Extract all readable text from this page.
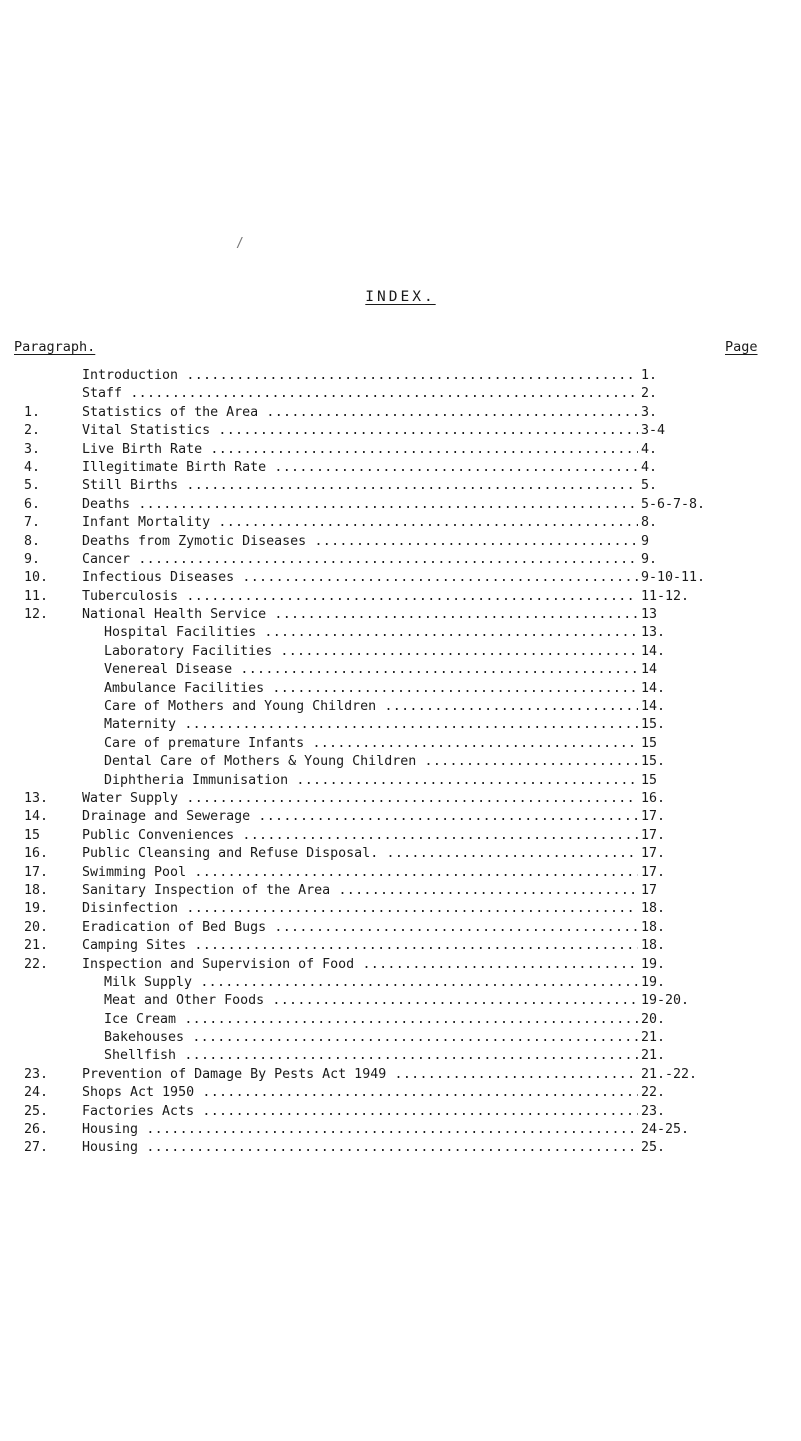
/
INDEX.
Paragraph.	Page
Introduction .....	1.
Staff .....	2.
1.	Statistics of the Area .....	3.
2.	Vital Statistics .....	3-4
3.	Live Birth Rate .....	4.
4.	Illegitimate Birth Rate .....	4.
5.	Still Births .....	5.
6.	Deaths .....	5-6-7-8.
7.	Infant Mortality .....	8.
8.	Deaths from Zymotic Diseases .....	9
9.	Cancer .....	9.
10.	Infectious Diseases .....	9-10-11.
11.	Tuberculosis .....	11-12.
12.	National Health Service .....	13
Hospital Facilities .....	13.
Laboratory Facilities .....	14.
Venereal Disease .....	14
Ambulance Facilities .....	14.
Care of Mothers and Young Children .....	14.
Maternity .....	15.
Care of premature Infants .....	15
Dental Care of Mothers & Young Children .....	15.
Diphtheria Immunisation .....	15
13.	Water Supply .....	16.
14.	Drainage and Sewerage .....	17.
15	Public Conveniences .....	17.
16.	Public Cleansing and Refuse Disposal. .....	17.
17.	Swimming Pool .....	17.
18.	Sanitary Inspection of the Area .....	17
19.	Disinfection .....	18.
20.	Eradication of Bed Bugs .....	18.
21.	Camping Sites .....	18.
22.	Inspection and Supervision of Food .....	19.
Milk Supply .....	19.
Meat and Other Foods .....	19-20.
Ice Cream .....	20.
Bakehouses .....	21.
Shellfish .....	21.
23.	Prevention of Damage By Pests Act 1949 .....	21.-22.
24.	Shops Act 1950 .....	22.
25.	Factories Acts .....	23.
26.	Housing .....	24-25.
27.	Housing .....	25.
